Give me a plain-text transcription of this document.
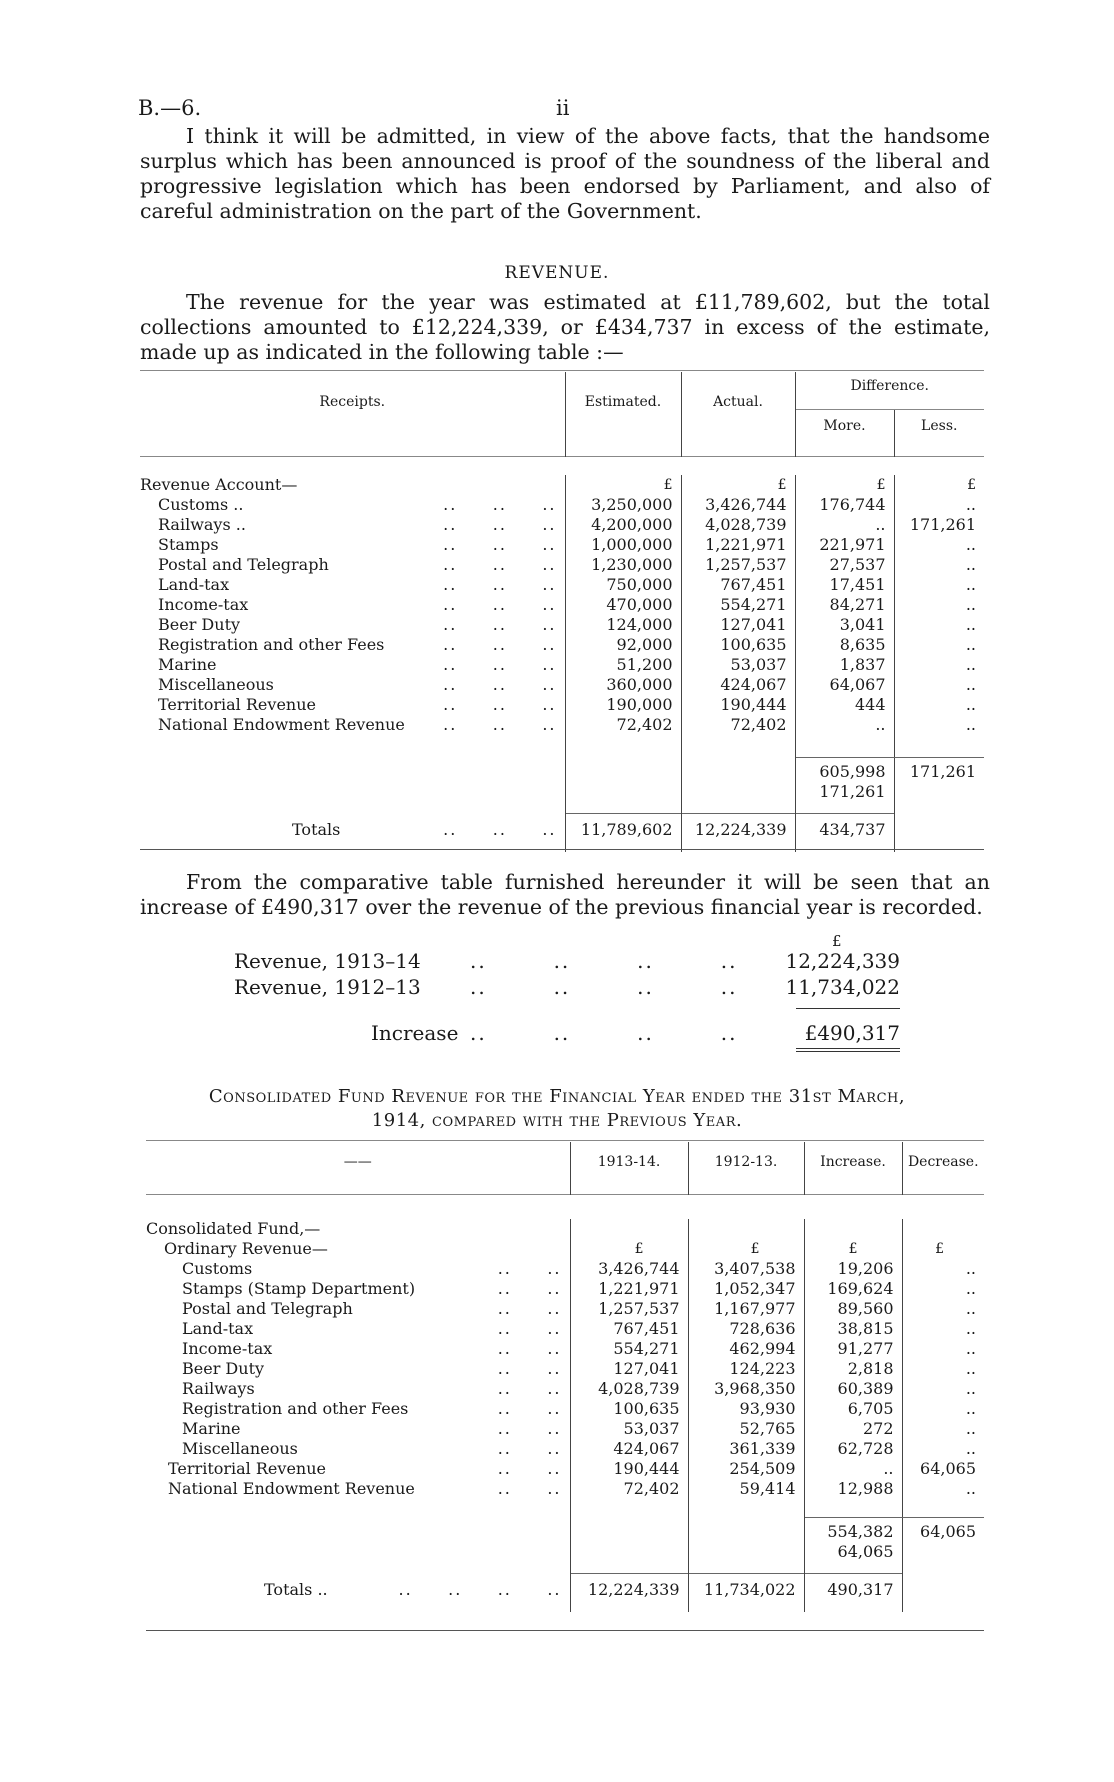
B.—6.	ii
I think it will be admitted, in view of the above facts, that the handsome surplus which has been announced is proof of the soundness of the liberal and progressive legislation which has been endorsed by Parliament, and also of careful administration on the part of the Government.
REVENUE.
The revenue for the year was estimated at £11,789,602, but the total collections amounted to £12,224,339, or £434,737 in excess of the estimate, made up as indicated in the following table :—
Receipts.	Estimated.	Actual.	Difference.	
			More.	Less.

Revenue Account—	£	£	£	£
Customs .. ..     ..     ..	3,250,000	3,426,744	176,744	..
Railways .. ..     ..     ..	4,200,000	4,028,739	..	171,261
Stamps ..     ..     ..	1,000,000	1,221,971	221,971	..
Postal and Telegraph ..     ..     ..	1,230,000	1,257,537	27,537	..
Land-tax ..     ..     ..	750,000	767,451	17,451	..
Income-tax ..     ..     ..	470,000	554,271	84,271	..
Beer Duty ..     ..     ..	124,000	127,041	3,041	..
Registration and other Fees ..     ..     ..	92,000	100,635	8,635	..
Marine ..     ..     ..	51,200	53,037	1,837	..
Miscellaneous ..     ..     ..	360,000	424,067	64,067	..
Territorial Revenue ..     ..     ..	190,000	190,444	444	..
National Endowment Revenue ..     ..     ..	72,402	72,402	..	..

			605,998	171,261
			171,261	

Totals ..     ..     ..	11,789,602	12,224,339	434,737	
From the comparative table furnished hereunder it will be seen that an increase of £490,317 over the revenue of the previous financial year is recorded.
£
Revenue, 1913–14 ..        ..        ..        .. 12,224,339
Revenue, 1912–13 ..        ..        ..        .. 11,734,022
Increase ..        ..        ..        ..	£490,317
Consolidated Fund Revenue for the Financial Year ended the 31st March,
1914, compared with the Previous Year.
——	1913-14.	1912-13.	Increase.	Decrease.

Consolidated Fund,—				
Ordinary Revenue—	£	£	£	£
Customs ..     ..	3,426,744	3,407,538	19,206	..
Stamps (Stamp Department) ..     ..	1,221,971	1,052,347	169,624	..
Postal and Telegraph ..     ..	1,257,537	1,167,977	89,560	..
Land-tax ..     ..	767,451	728,636	38,815	..
Income-tax ..     ..	554,271	462,994	91,277	..
Beer Duty ..     ..	127,041	124,223	2,818	..
Railways ..     ..	4,028,739	3,968,350	60,389	..
Registration and other Fees ..     ..	100,635	93,930	6,705	..
Marine ..     ..	53,037	52,765	272	..
Miscellaneous ..     ..	424,067	361,339	62,728	..
Territorial Revenue ..     ..	190,444	254,509	..	64,065
National Endowment Revenue ..     ..	72,402	59,414	12,988	..

			554,382	64,065
			64,065	

Totals .. ..     ..     ..     ..	12,224,339	11,734,022	490,317	
